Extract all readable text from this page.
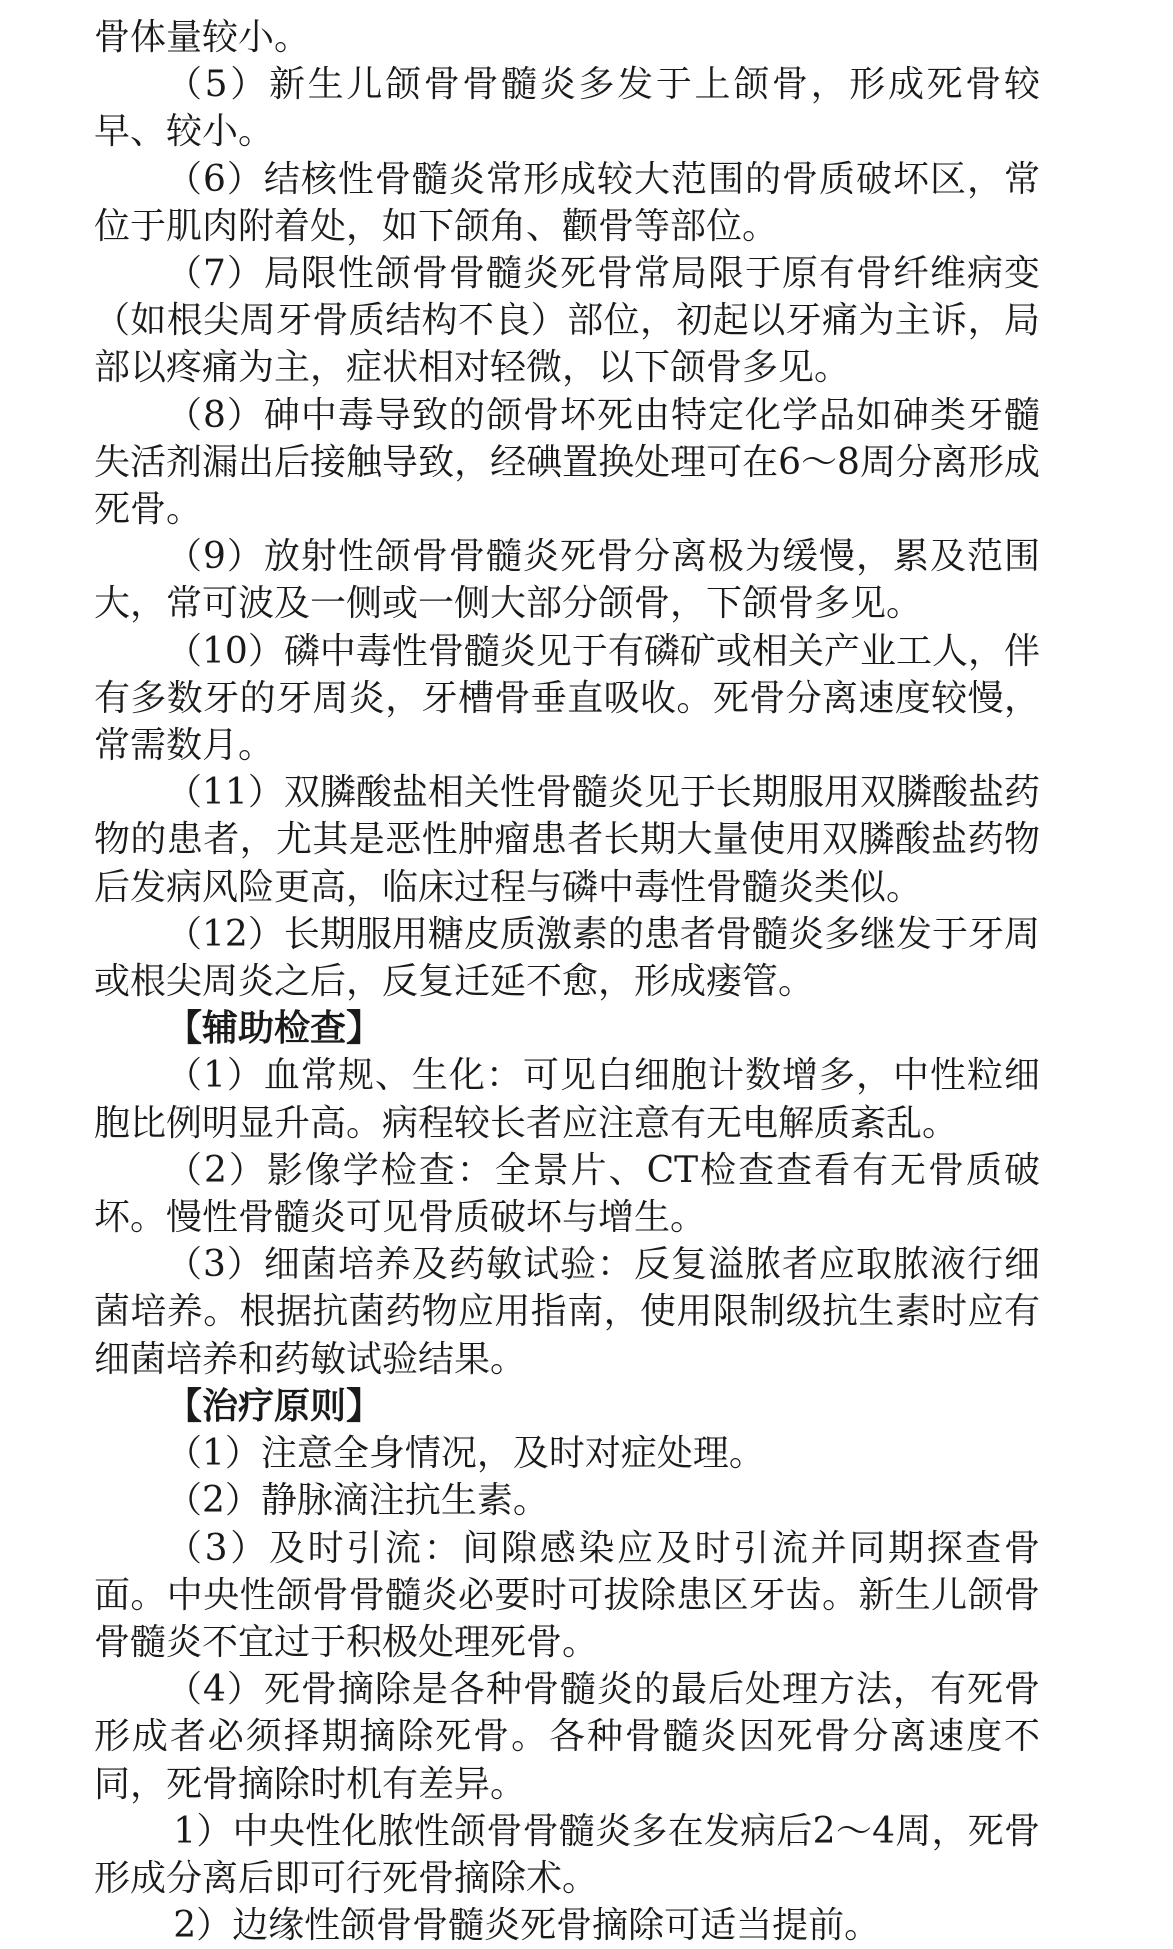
骨体量较小。

（5）新生儿颌骨骨髓炎多发于上颌骨，形成死骨较早、较小。

（6）结核性骨髓炎常形成较大范围的骨质破坏区，常位于肌肉附着处，如下颌角、颧骨等部位。

（7）局限性颌骨骨髓炎死骨常局限于原有骨纤维病变（如根尖周牙骨质结构不良）部位，初起以牙痛为主诉，局部以疼痛为主，症状相对轻微，以下颌骨多见。

（8）砷中毒导致的颌骨坏死由特定化学品如砷类牙髓失活剂漏出后接触导致，经碘置换处理可在6～8周分离形成死骨。

（9）放射性颌骨骨髓炎死骨分离极为缓慢，累及范围大，常可波及一侧或一侧大部分颌骨，下颌骨多见。

（10）磷中毒性骨髓炎见于有磷矿或相关产业工人，伴有多数牙的牙周炎，牙槽骨垂直吸收。死骨分离速度较慢，常需数月。

（11）双膦酸盐相关性骨髓炎见于长期服用双膦酸盐药物的患者，尤其是恶性肿瘤患者长期大量使用双膦酸盐药物后发病风险更高，临床过程与磷中毒性骨髓炎类似。

（12）长期服用糖皮质激素的患者骨髓炎多继发于牙周或根尖周炎之后，反复迁延不愈，形成瘘管。

【辅助检查】

（1）血常规、生化：可见白细胞计数增多，中性粒细胞比例明显升高。病程较长者应注意有无电解质紊乱。

（2）影像学检查：全景片、CT检查查看有无骨质破坏。慢性骨髓炎可见骨质破坏与增生。

（3）细菌培养及药敏试验：反复溢脓者应取脓液行细菌培养。根据抗菌药物应用指南，使用限制级抗生素时应有细菌培养和药敏试验结果。

【治疗原则】

（1）注意全身情况，及时对症处理。

（2）静脉滴注抗生素。

（3）及时引流：间隙感染应及时引流并同期探查骨面。中央性颌骨骨髓炎必要时可拔除患区牙齿。新生儿颌骨骨髓炎不宜过于积极处理死骨。

（4）死骨摘除是各种骨髓炎的最后处理方法，有死骨形成者必须择期摘除死骨。各种骨髓炎因死骨分离速度不同，死骨摘除时机有差异。

1）中央性化脓性颌骨骨髓炎多在发病后2～4周，死骨形成分离后即可行死骨摘除术。

2）边缘性颌骨骨髓炎死骨摘除可适当提前。
